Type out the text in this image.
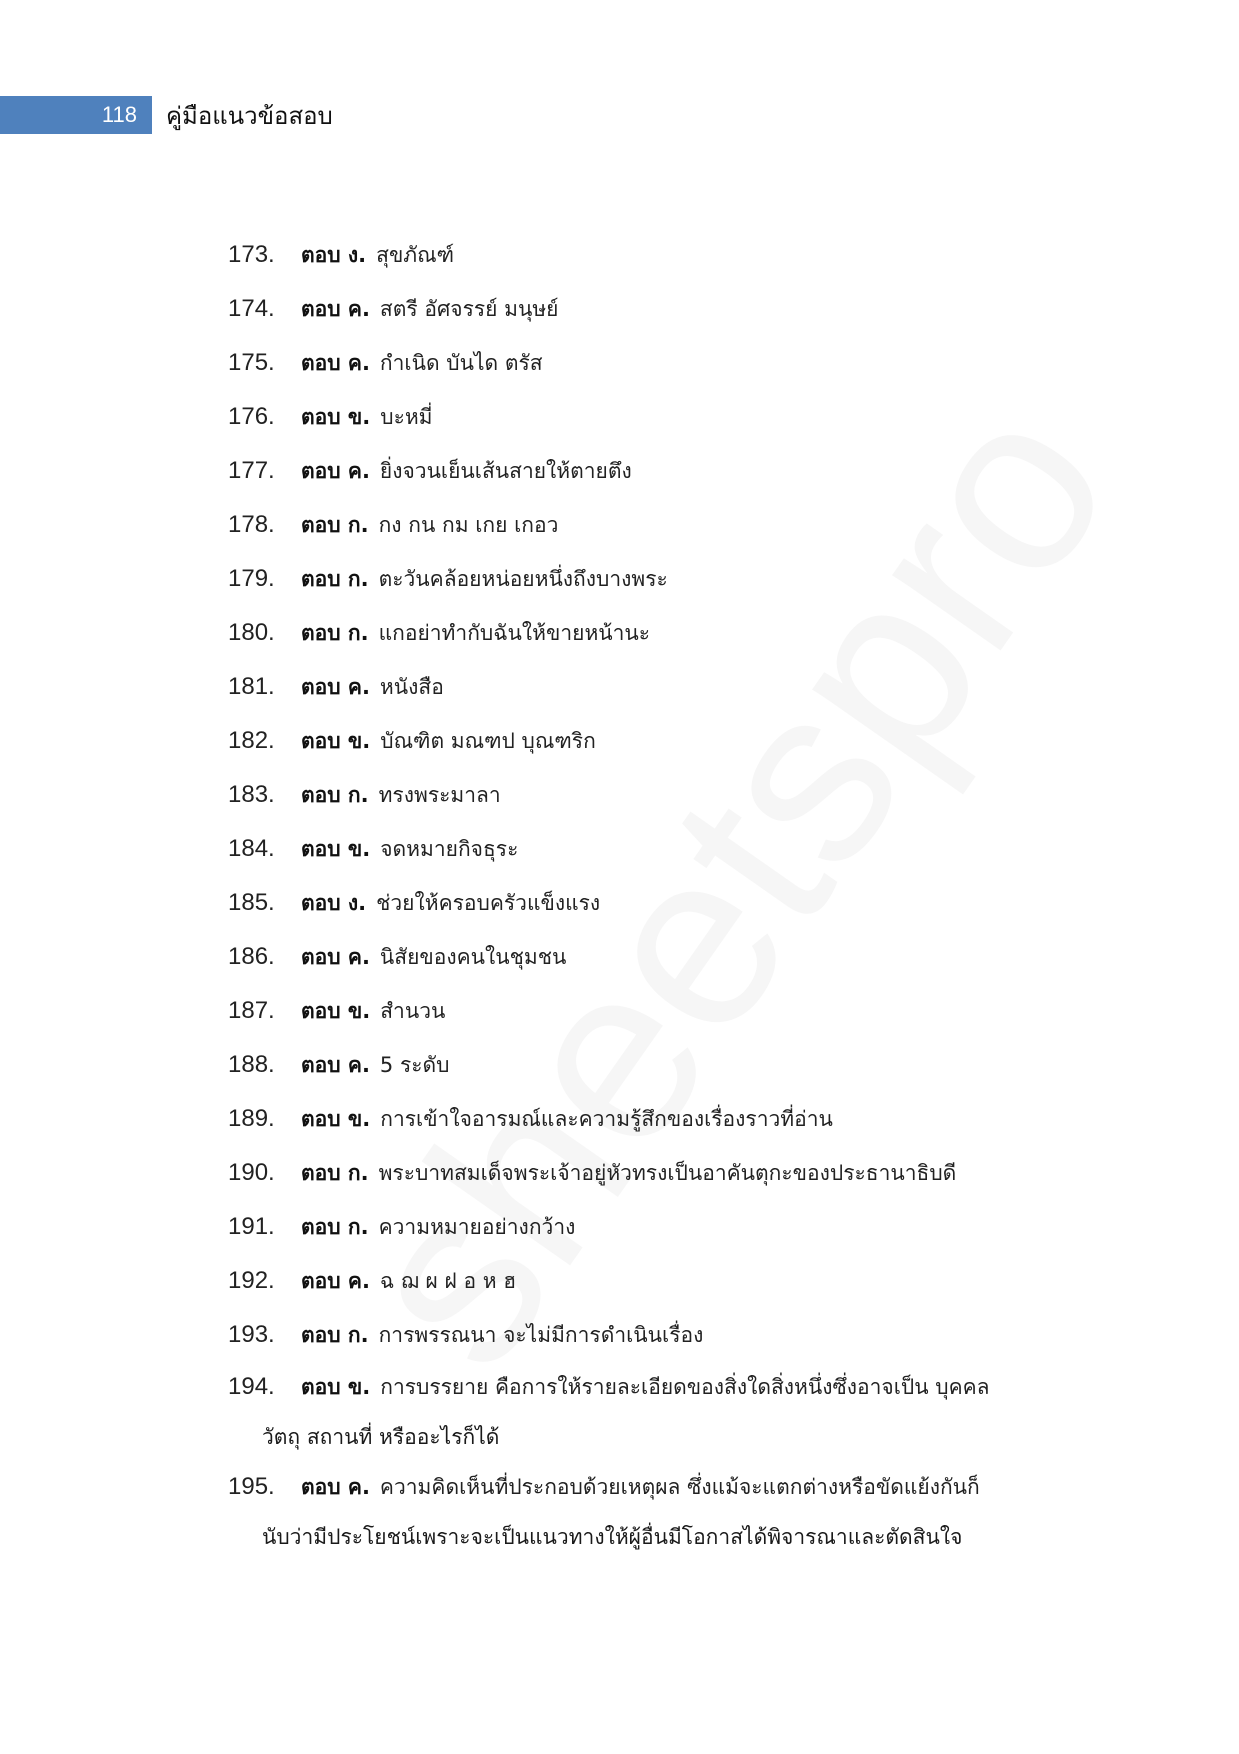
118 คู่มือแนวข้อสอบ
173. ตอบ ง. สุขภัณฑ์
174. ตอบ ค. สตรี อัศจรรย์ มนุษย์
175. ตอบ ค. กำเนิด บันได ตรัส
176. ตอบ ข. บะหมี่
177. ตอบ ค. ยิ่งจวนเย็นเส้นสายให้ตายตึง
178. ตอบ ก. กง กน กม เกย เกอว
179. ตอบ ก. ตะวันคล้อยหน่อยหนึ่งถึงบางพระ
180. ตอบ ก. แกอย่าทำกับฉันให้ขายหน้านะ
181. ตอบ ค. หนังสือ
182. ตอบ ข. บัณฑิต มณฑป บุณฑริก
183. ตอบ ก. ทรงพระมาลา
184. ตอบ ข. จดหมายกิจธุระ
185. ตอบ ง. ช่วยให้ครอบครัวแข็งแรง
186. ตอบ ค. นิสัยของคนในชุมชน
187. ตอบ ข. สำนวน
188. ตอบ ค. 5 ระดับ
189. ตอบ ข. การเข้าใจอารมณ์และความรู้สึกของเรื่องราวที่อ่าน
190. ตอบ ก. พระบาทสมเด็จพระเจ้าอยู่หัวทรงเป็นอาคันตุกะของประธานาธิบดี
191. ตอบ ก. ความหมายอย่างกว้าง
192. ตอบ ค. ฉ ฌ ผ ฝ อ ห ฮ
193. ตอบ ก. การพรรณนา จะไม่มีการดำเนินเรื่อง
194. ตอบ ข. การบรรยาย คือการให้รายละเอียดของสิ่งใดสิ่งหนึ่งซึ่งอาจเป็น บุคคล
วัตถุ สถานที่ หรืออะไรก็ได้
195. ตอบ ค. ความคิดเห็นที่ประกอบด้วยเหตุผล ซึ่งแม้จะแตกต่างหรือขัดแย้งกันก็
นับว่ามีประโยชน์เพราะจะเป็นแนวทางให้ผู้อื่นมีโอกาสได้พิจารณาและตัดสินใจ
